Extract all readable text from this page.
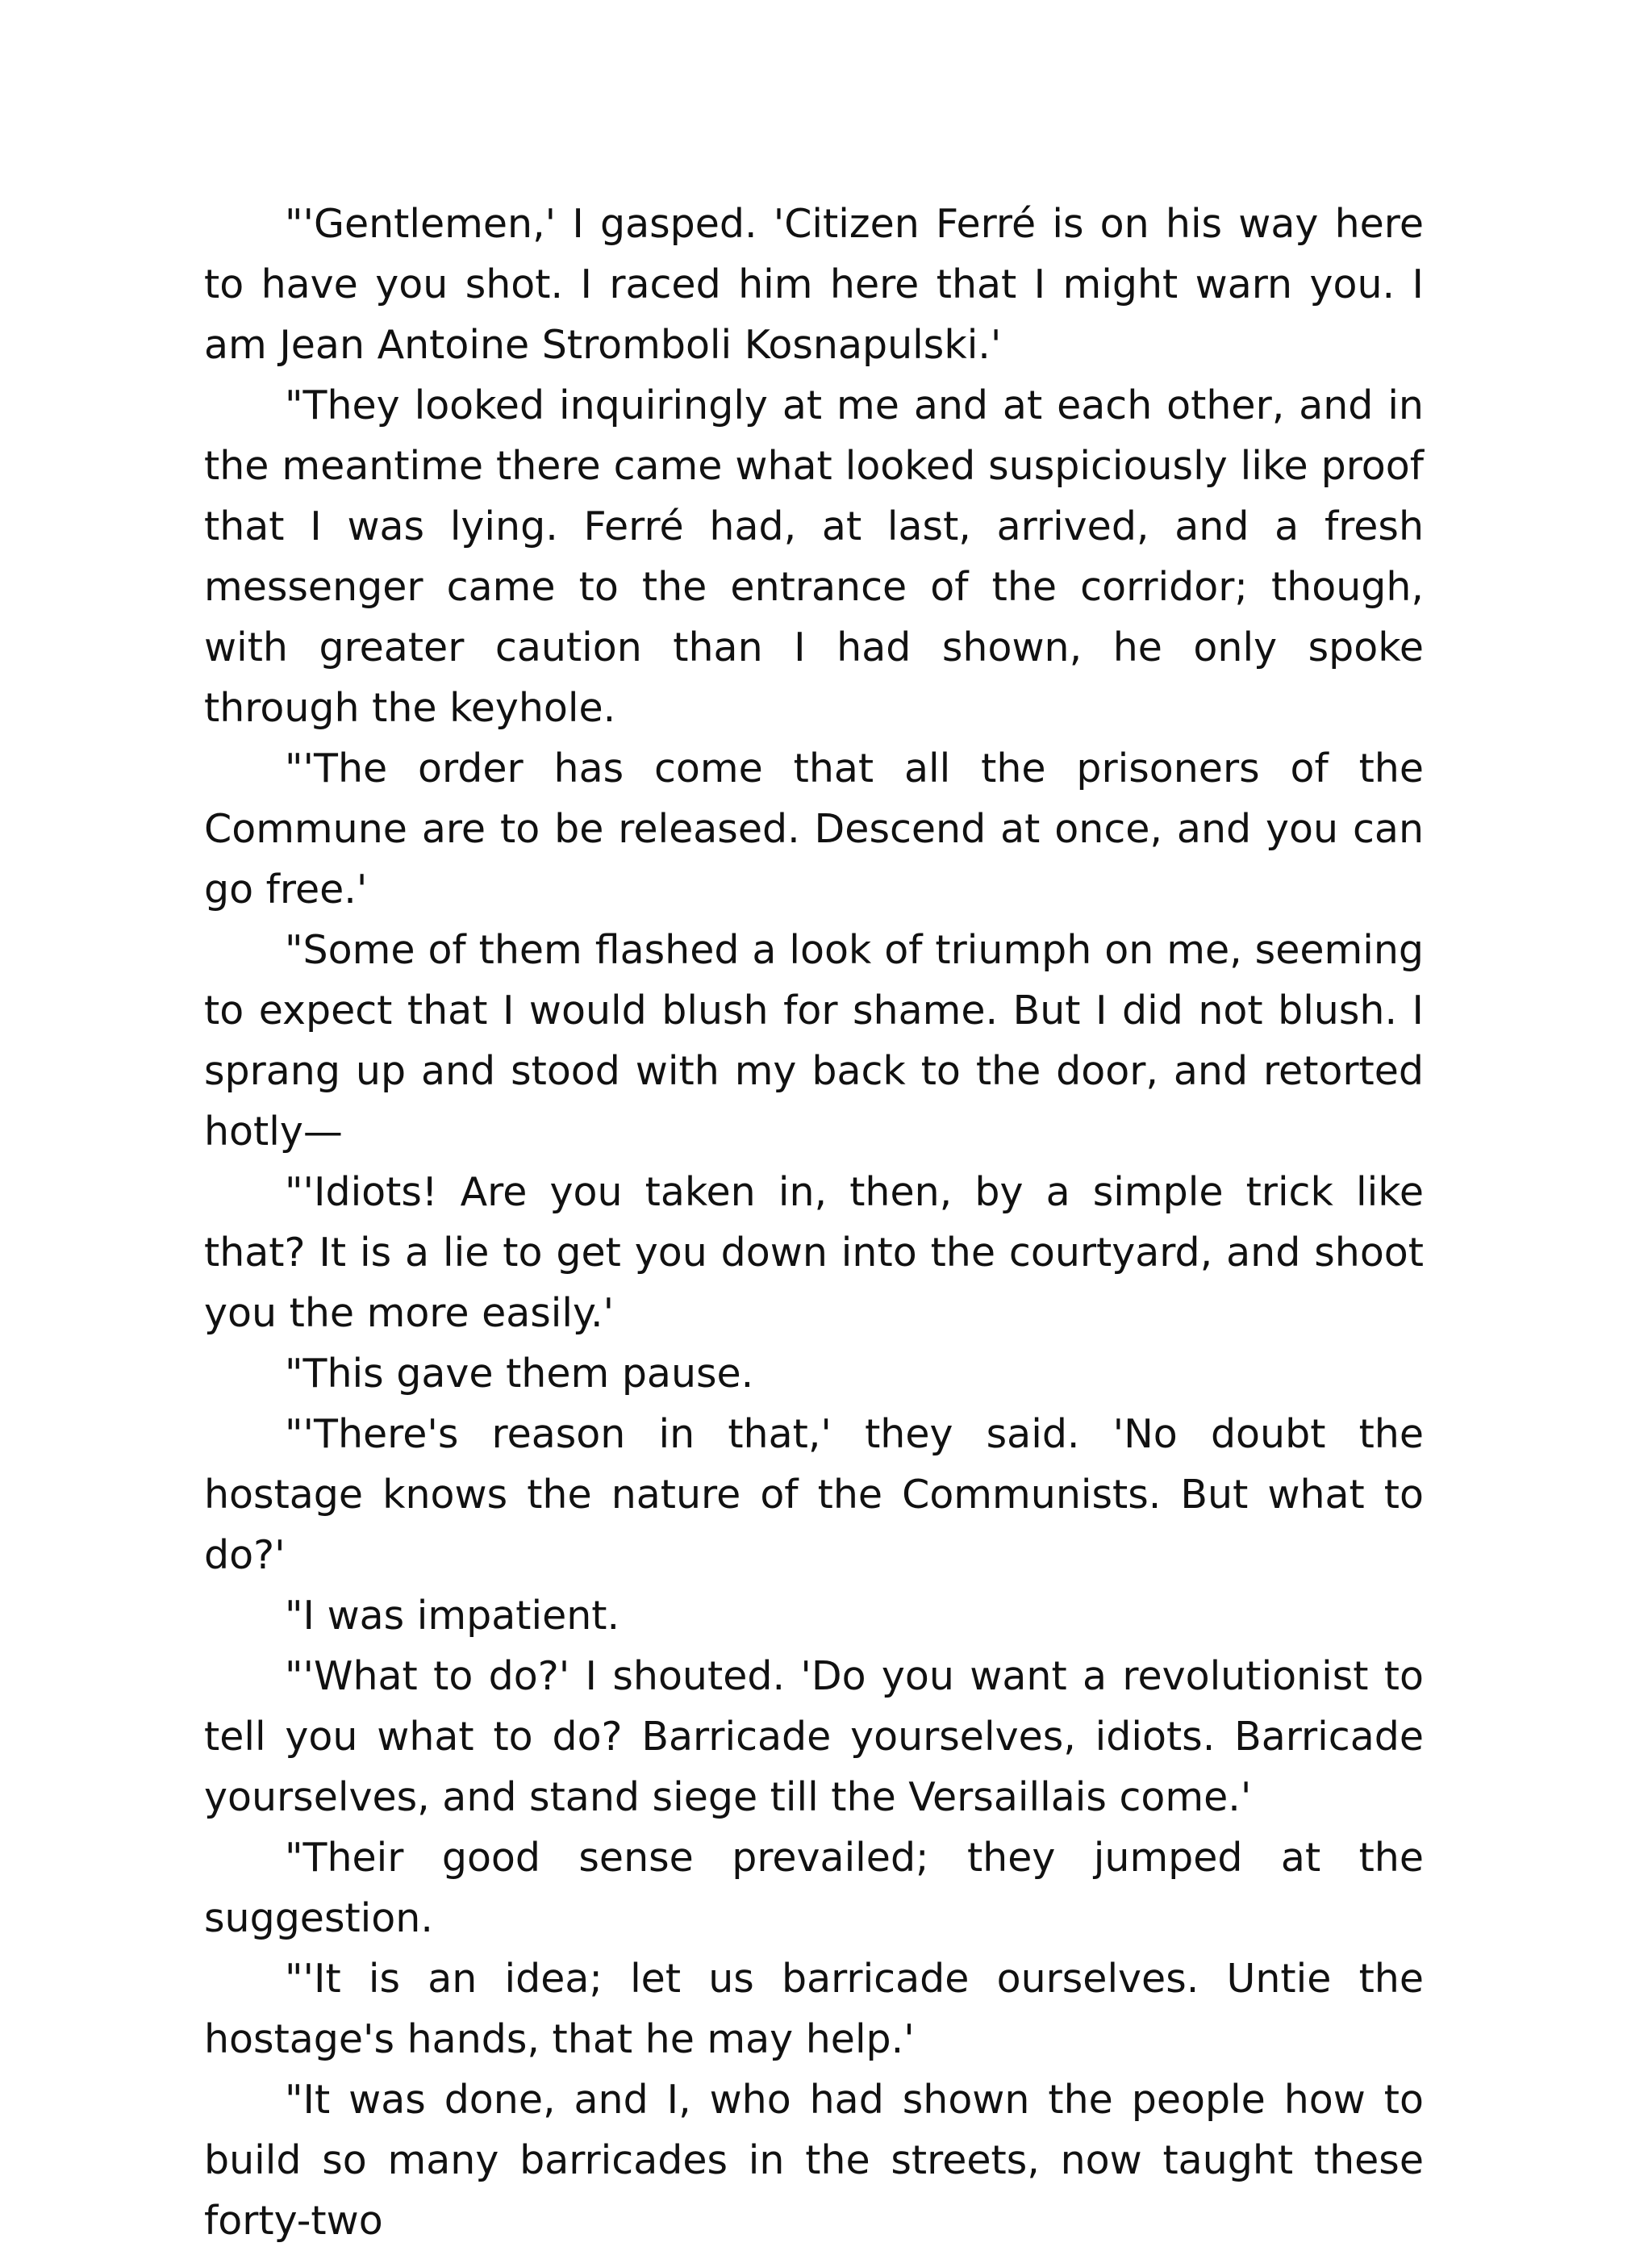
"'Gentlemen,' I gasped. 'Citizen Ferré is on his way here to have you shot. I raced him here that I might warn you. I am Jean Antoine Stromboli Kosnapulski.'

"They looked inquiringly at me and at each other, and in the meantime there came what looked suspiciously like proof that I was lying. Ferré had, at last, arrived, and a fresh messenger came to the entrance of the corridor; though, with greater caution than I had shown, he only spoke through the keyhole.

"'The order has come that all the prisoners of the Commune are to be released. Descend at once, and you can go free.'

"Some of them flashed a look of triumph on me, seeming to expect that I would blush for shame. But I did not blush. I sprang up and stood with my back to the door, and retorted hotly—

"'Idiots! Are you taken in, then, by a simple trick like that? It is a lie to get you down into the courtyard, and shoot you the more easily.'

"This gave them pause.

"'There's reason in that,' they said. 'No doubt the hostage knows the nature of the Communists. But what to do?'

"I was impatient.

"'What to do?' I shouted. 'Do you want a revolutionist to tell you what to do? Barricade yourselves, idiots. Barricade yourselves, and stand siege till the Versaillais come.'

"Their good sense prevailed; they jumped at the suggestion.

"'It is an idea; let us barricade ourselves. Untie the hostage's hands, that he may help.'

"It was done, and I, who had shown the people how to build so many barricades in the streets, now taught these forty-two
